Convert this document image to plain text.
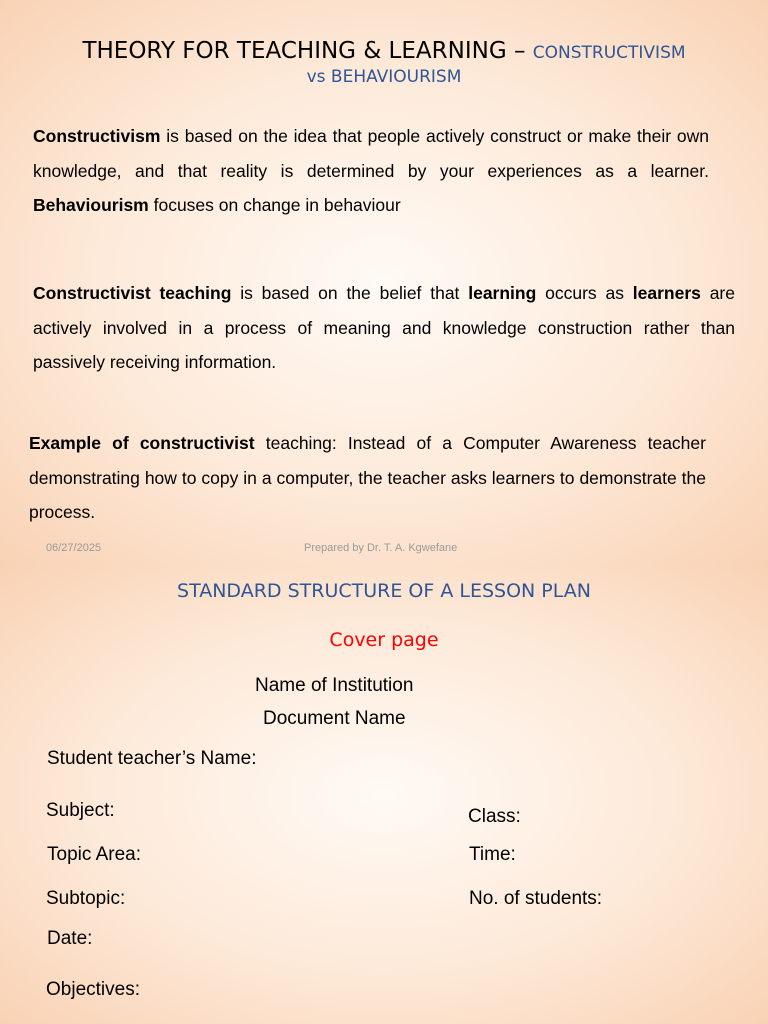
THEORY FOR TEACHING & LEARNING – CONSTRUCTIVISM
vs BEHAVIOURISM
Constructivism is based on the idea that people actively construct or make their own knowledge, and that reality is determined by your experiences as a learner. Behaviourism focuses on change in behaviour
Constructivist teaching is based on the belief that learning occurs as learners are actively involved in a process of meaning and knowledge construction rather than passively receiving information.
Example of constructivist teaching: Instead of a Computer Awareness teacher demonstrating how to copy in a computer, the teacher asks learners to demonstrate the process.
06/27/2025	Prepared by Dr. T. A. Kgwefane
STANDARD STRUCTURE OF A LESSON PLAN
Cover page
Name of Institution
Document Name
Student teacher’s Name:
Subject:	Class:
Topic Area:	Time:
Subtopic:	No. of students:
Date:
Objectives:
